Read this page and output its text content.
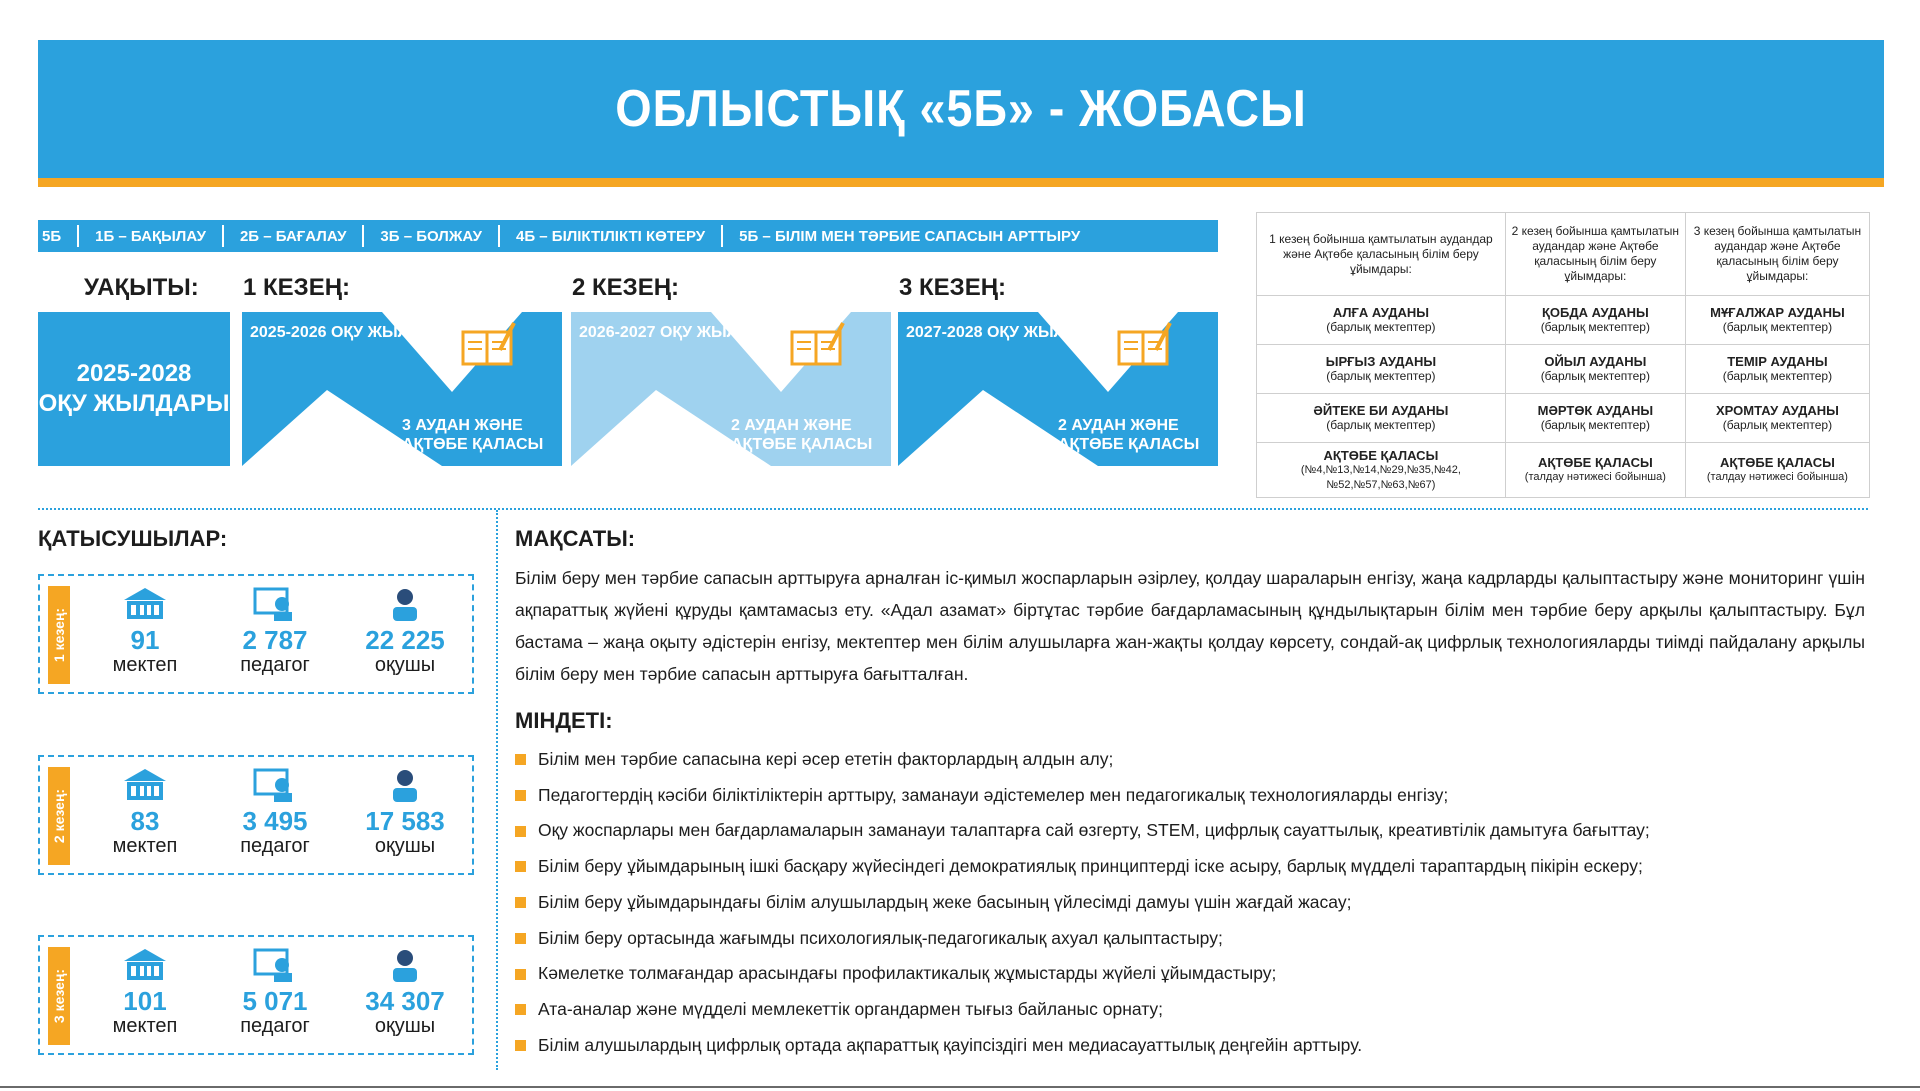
ОБЛЫСТЫҚ «5Б» - ЖОБАСЫ
5Б	1Б – БАҚЫЛАУ	2Б – БАҒАЛАУ	3Б – БОЛЖАУ	4Б – БІЛІКТІЛІКТІ КӨТЕРУ	5Б – БІЛІМ МЕН ТӘРБИЕ САПАСЫН АРТТЫРУ
УАҚЫТЫ:
2025-2028
ОҚУ ЖЫЛДАРЫ
1 КЕЗЕҢ:
2025-2026 ОҚУ ЖЫЛЫ
3 АУДАН ЖӘНЕ
АҚТӨБЕ ҚАЛАСЫ
2 КЕЗЕҢ:
2026-2027 ОҚУ ЖЫЛЫ
2 АУДАН ЖӘНЕ
АҚТӨБЕ ҚАЛАСЫ
3 КЕЗЕҢ:
2027-2028 ОҚУ ЖЫЛЫ
2 АУДАН ЖӘНЕ
АҚТӨБЕ ҚАЛАСЫ
1 кезең бойынша қамтылатын аудандар және Ақтөбе қаласының білім беру ұйымдары:	2 кезең бойынша қамтылатын аудандар және Ақтөбе қаласының білім беру ұйымдары:	3 кезең бойынша қамтылатын аудандар және Ақтөбе қаласының білім беру ұйымдары:

АЛҒА АУДАНЫ
(барлық мектептер)	ҚОБДА АУДАНЫ
(барлық мектептер)	МҰҒАЛЖАР АУДАНЫ
(барлық мектептер)

ЫРҒЫЗ АУДАНЫ
(барлық мектептер)	ОЙЫЛ АУДАНЫ
(барлық мектептер)	ТЕМІР АУДАНЫ
(барлық мектептер)

ӘЙТЕКЕ БИ АУДАНЫ
(барлық мектептер)	МӘРТӨК АУДАНЫ
(барлық мектептер)	ХРОМТАУ АУДАНЫ
(барлық мектептер)

АҚТӨБЕ ҚАЛАСЫ
(№4,№13,№14,№29,№35,№42, №52,№57,№63,№67)	АҚТӨБЕ ҚАЛАСЫ
(талдау нәтижесі бойынша)	АҚТӨБЕ ҚАЛАСЫ
(талдау нәтижесі бойынша)
ҚАТЫСУШЫЛАР:
1 кезең:	91
мектеп
2 787
педагог
22 225
оқушы
2 кезең:	83
мектеп
3 495
педагог
17 583
оқушы
3 кезең:	101
мектеп
5 071
педагог
34 307
оқушы
МАҚСАТЫ:
Білім беру мен тәрбие сапасын арттыруға арналған іс-қимыл жоспарларын әзірлеу, қолдау шараларын енгізу, жаңа кадрларды қалыптастыру және мониторинг үшін ақпараттық жүйені құруды қамтамасыз ету. «Адал азамат» біртұтас тәрбие бағдарламасының құндылықтарын білім мен тәрбие беру арқылы қалыптастыру. Бұл бастама – жаңа оқыту әдістерін енгізу, мектептер мен білім алушыларға жан-жақты қолдау көрсету, сондай-ақ цифрлық технологияларды тиімді пайдалану арқылы білім беру мен тәрбие сапасын арттыруға бағытталған.
МІНДЕТІ:
Білім мен тәрбие сапасына кері әсер ететін факторлардың алдын алу;
Педагогтердің кәсіби біліктіліктерін арттыру, заманауи әдістемелер мен педагогикалық технологияларды енгізу;
Оқу жоспарлары мен бағдарламаларын заманауи талаптарға сай өзгерту, STEM, цифрлық сауаттылық, креативтілік дамытуға бағыттау;
Білім беру ұйымдарының ішкі басқару жүйесіндегі демократиялық принциптерді іске асыру, барлық мүдделі тараптардың пікірін ескеру;
Білім беру ұйымдарындағы білім алушылардың жеке басының үйлесімді дамуы үшін жағдай жасау;
Білім беру ортасында жағымды психологиялық-педагогикалық ахуал қалыптастыру;
Кәмелетке толмағандар арасындағы профилактикалық жұмыстарды жүйелі ұйымдастыру;
Ата-аналар және мүдделі мемлекеттік органдармен тығыз байланыс орнату;
Білім алушылардың цифрлық ортада ақпараттық қауіпсіздігі мен медиасауаттылық деңгейін арттыру.
